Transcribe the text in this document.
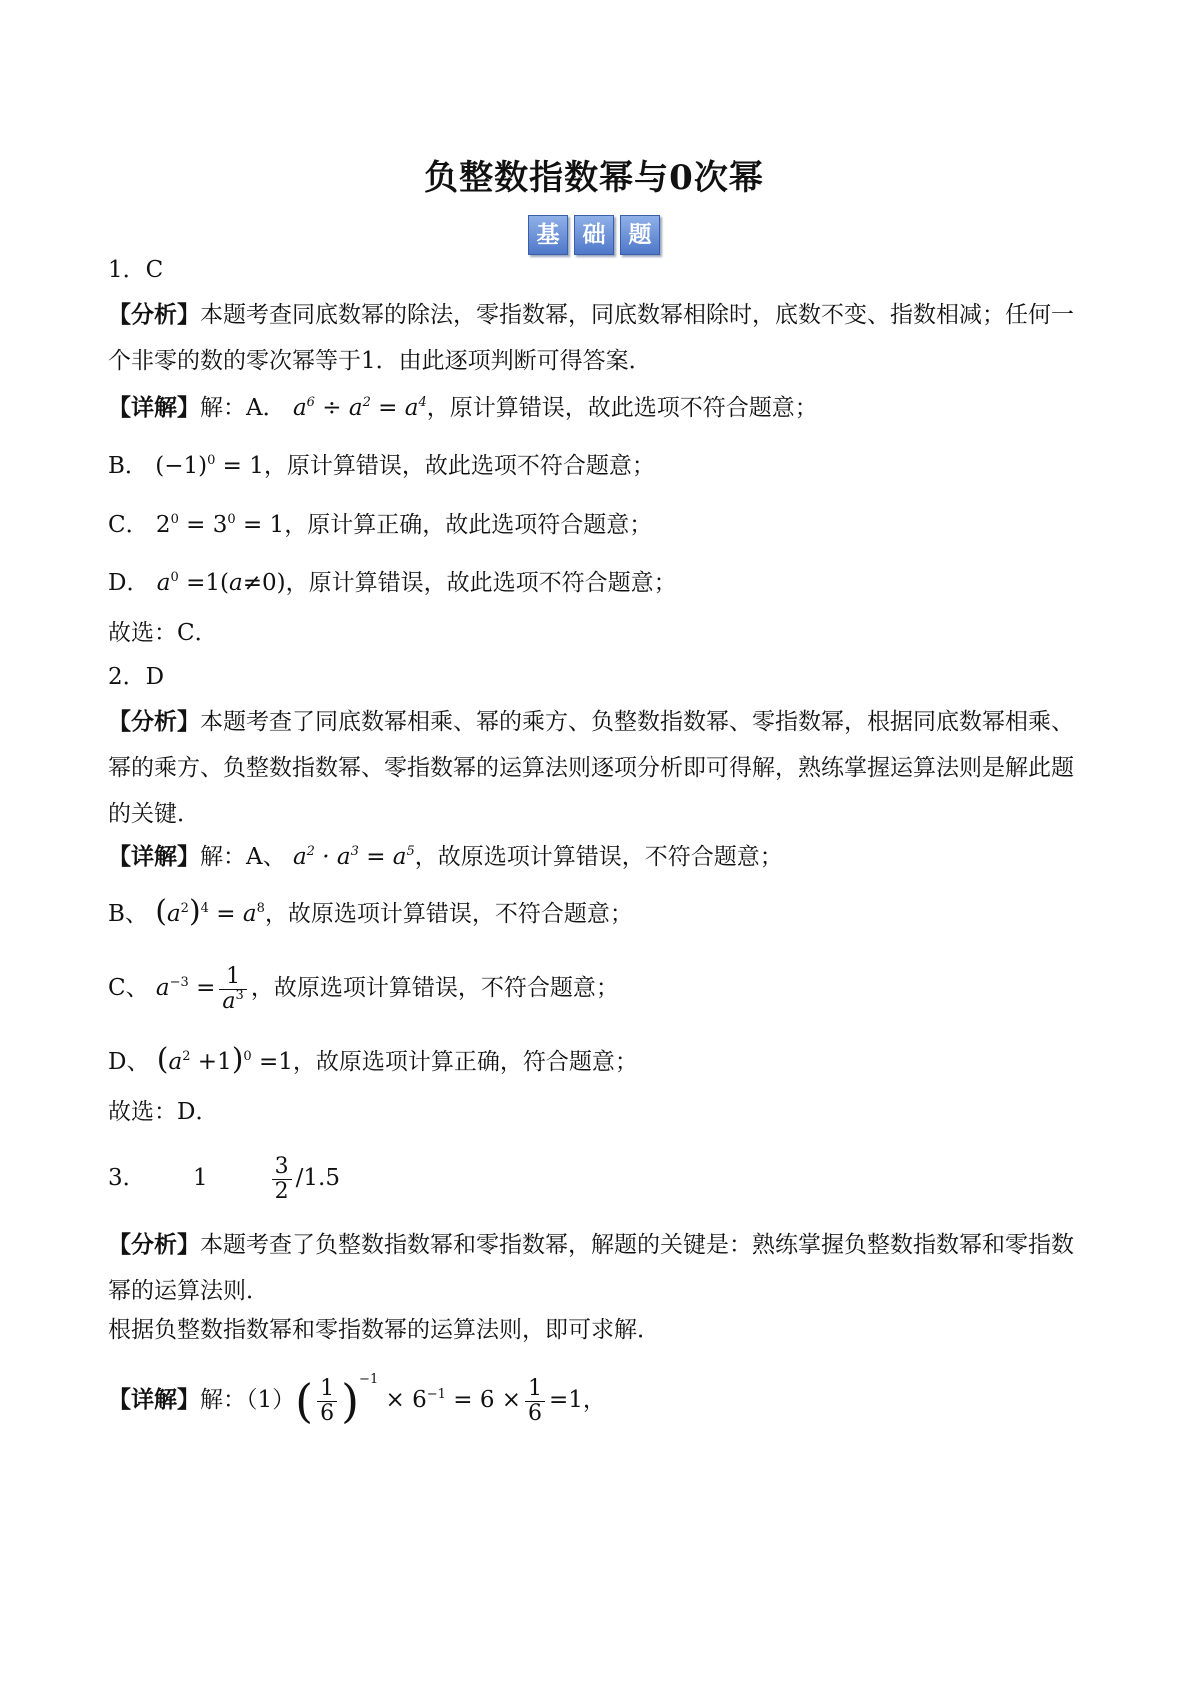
负整数指数幂与0次幂
基 础 题
1．C
【分析】本题考查同底数幂的除法，零指数幂，同底数幂相除时，底数不变、指数相减；任何一个非零的数的零次幂等于1．由此逐项判断可得答案．
【详解】解：A． $a^6 \div a^2 = a^4$，原计算错误，故此选项不符合题意；
B． $(-1)^0 = 1$，原计算错误，故此选项不符合题意；
C． $2^0 = 3^0 = 1$，原计算正确，故此选项符合题意；
D． $a^0 =1(a\ne 0)$，原计算错误，故此选项不符合题意；
故选：C．
2．D
【分析】本题考查了同底数幂相乘、幂的乘方、负整数指数幂、零指数幂，根据同底数幂相乘、幂的乘方、负整数指数幂、零指数幂的运算法则逐项分析即可得解，熟练掌握运算法则是解此题的关键．
【详解】解：A、 $a^2 \cdot a^3 = a^5$，故原选项计算错误，不符合题意；
B、 $(a^2)^4 = a^8$，故原选项计算错误，不符合题意；
C、 $a^{-3} = \frac{1}{a^3}$ ，故原选项计算错误，不符合题意；
D、 $(a^2 +1)^0 =1$，故原选项计算正确，符合题意；
故选：D．
3． 1	$\frac{3}{2} /1.5$
【分析】本题考查了负整数指数幂和零指数幂，解题的关键是：熟练掌握负整数指数幂和零指数幂的运算法则．
根据负整数指数幂和零指数幂的运算法则，即可求解．
【详解】解：$(1)( \frac{1}{6} )^{-1} \times 6^{-1} = 6 \times \frac{1}{6} =1$，
